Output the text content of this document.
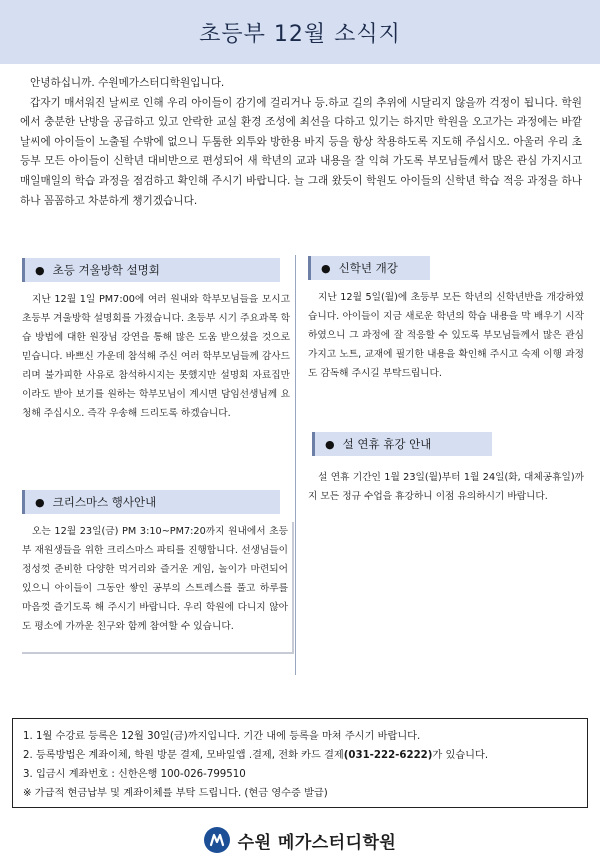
초등부 12월 소식지

안녕하십니까. 수원메가스터디학원입니다.

갑자기 매서워진 날씨로 인해 우리 아이들이 감기에 걸리거나 등.하교 길의 추위에 시달리지 않을까 걱정이 됩니다. 학원에서 충분한 난방을 공급하고 있고 안락한 교실 환경 조성에 최선을 다하고 있기는 하지만 학원을 오고가는 과정에는 바깥 날씨에 아이들이 노출될 수밖에 없으니 두툼한 외투와 방한용 바지 등을 항상 착용하도록 지도해 주십시오. 아울러 우리 초등부 모든 아이들이 신학년 대비반으로 편성되어 새 학년의 교과 내용을 잘 익혀 가도록 부모님들께서 많은 관심 가지시고 매일매일의 학습 과정을 점검하고 확인해 주시기 바랍니다. 늘 그래 왔듯이 학원도 아이들의 신학년 학습 적응 과정을 하나하나 꼼꼼하고 차분하게 챙기겠습니다.

● 초등 겨울방학 설명회

지난 12월 1일 PM7:00에 여러 원내와 학부모님들을 모시고 초등부 겨울방학 설명회를 가졌습니다. 초등부 시기 주요과목 학습 방법에 대한 원장님 강연을 통해 많은 도움 받으셨을 것으로 믿습니다. 바쁘신 가운데 참석해 주신 여러 학부모님들께 감사드리며 불가피한 사유로 참석하시지는 못했지만 설명회 자료집만이라도 받아 보기를 원하는 학부모님이 계시면 담임선생님께 요청해 주십시오. 즉각 우송해 드리도록 하겠습니다.

● 크리스마스 행사안내

오는 12월 23일(금) PM 3:10~PM7:20까지 원내에서 초등부 재원생들을 위한 크리스마스 파티를 진행합니다. 선생님들이 정성껏 준비한 다양한 먹거리와 즐거운 게임, 놀이가 마련되어 있으니 아이들이 그동안 쌓인 공부의 스트레스를 풀고 하루를 마음껏 즐기도록 해 주시기 바랍니다. 우리 학원에 다니지 않아도 평소에 가까운 친구와 함께 참여할 수 있습니다.

● 신학년 개강

지난 12월 5일(월)에 초등부 모든 학년의 신학년반을 개강하였습니다. 아이들이 지금 새로운 학년의 학습 내용을 막 배우기 시작하였으니 그 과정에 잘 적응할 수 있도록 부모님들께서 많은 관심 가지고 노트, 교재에 필기한 내용을 확인해 주시고 숙제 이행 과정도 감독해 주시길 부탁드립니다.

● 설 연휴 휴강 안내

설 연휴 기간인 1월 23일(월)부터 1월 24일(화, 대체공휴일)까지 모든 정규 수업을 휴강하니 이점 유의하시기 바랍니다.

1. 1월 수강료 등록은 12월 30일(금)까지입니다. 기간 내에 등록을 마쳐 주시기 바랍니다.
2. 등록방법은 계좌이체, 학원 방문 결제, 모바일앱 .결제, 전화 카드 결제(031-222-6222)가 있습니다.
3. 입금시 계좌번호 : 신한은행 100-026-799510
※ 가급적 현금납부 및 계좌이체를 부탁 드립니다. (현금 영수증 발급)
수원 메가스터디학원
